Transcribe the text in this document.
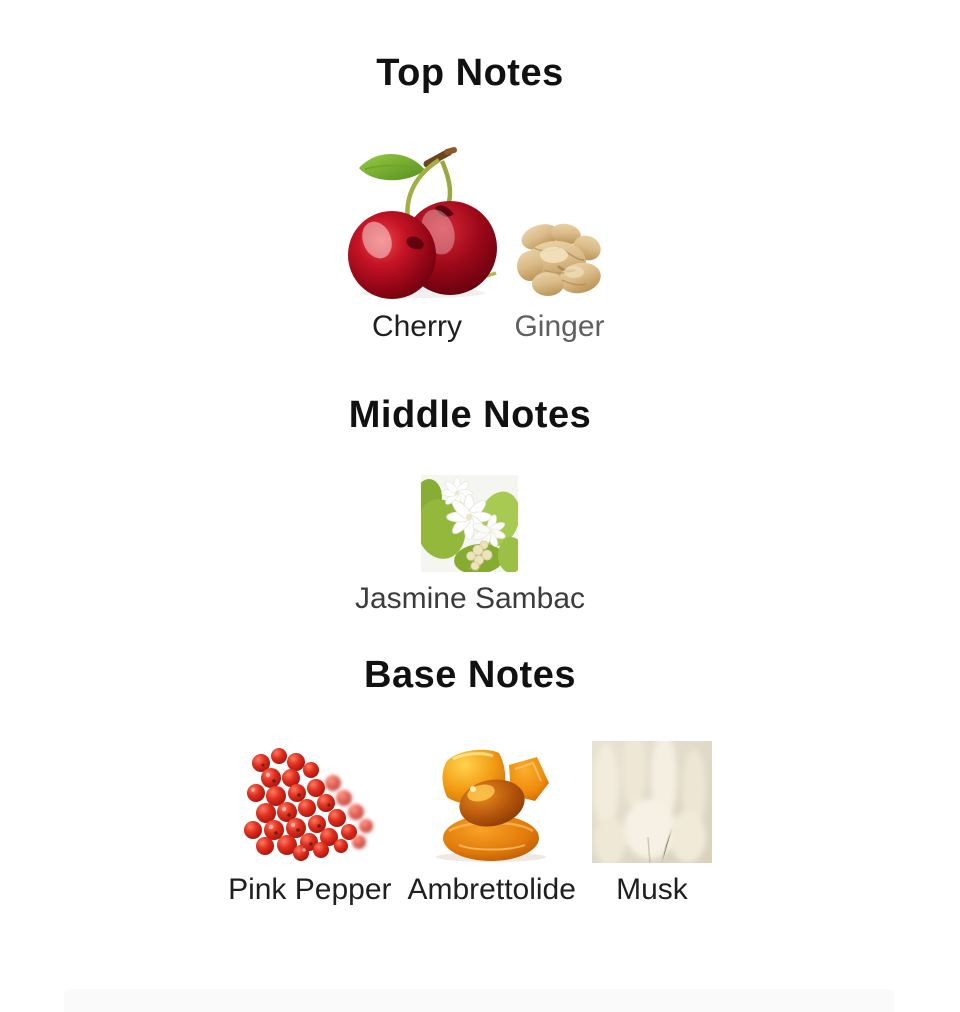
Top Notes
Cherry Ginger
Middle Notes
Jasmine Sambac
Base Notes
Pink Pepper Ambrettolide Musk
